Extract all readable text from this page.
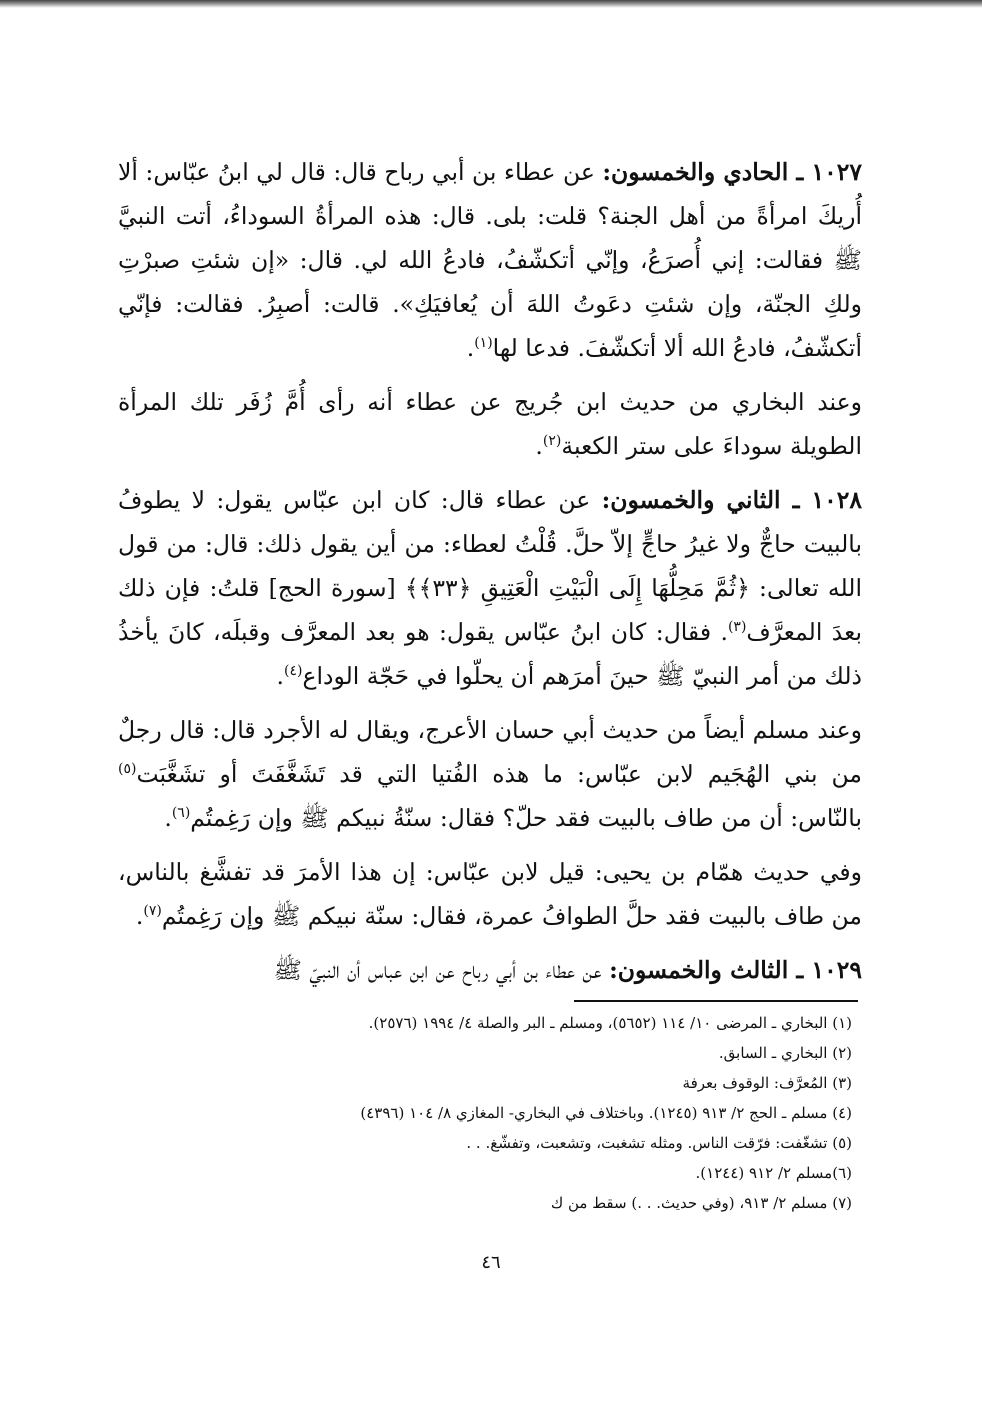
١٠٢٧ ـ الحادي والخمسون: عن عطاء بن أبي رباح قال: قال لي ابنُ عبّاس: ألا أُريكَ امرأةً من أهل الجنة؟ قلت: بلى. قال: هذه المرأةُ السوداءُ، أتت النبيَّ ﷺ فقالت: إني أُصرَعُ، وإنّي أتكشّفُ، فادعُ الله لي. قال: «إن شئتِ صبرْتِ ولكِ الجنّة، وإن شئتِ دعَوتُ اللهَ أن يُعافيَكِ». قالت: أصبِرُ. فقالت: فإنّي أتكشّفُ، فادعُ الله ألا أتكشّفَ. فدعا لها$^{(١)}$.

وعند البخاري من حديث ابن جُريج عن عطاء أنه رأى أُمَّ زُفَر تلك المرأة الطويلة سوداءَ على ستر الكعبة$^{(٢)}$.

١٠٢٨ ـ الثاني والخمسون: عن عطاء قال: كان ابن عبّاس يقول: لا يطوفُ بالبيت حاجٌّ ولا غيرُ حاجٍّ إلاّ حلَّ. قُلْتُ لعطاء: من أين يقول ذلك: قال: من قول الله تعالى: ﴿ثُمَّ مَحِلُّهَا إِلَى الْبَيْتِ الْعَتِيقِ ﴿٣٣﴾﴾ [سورة الحج] قلتُ: فإن ذلك بعدَ المعرَّف$^{(٣)}$. فقال: كان ابنُ عبّاس يقول: هو بعد المعرَّف وقبلَه، كانَ يأخذُ ذلك من أمر النبيّ ﷺ حينَ أمرَهم أن يحلّوا في حَجّة الوداع$^{(٤)}$.

وعند مسلم أيضاً من حديث أبي حسان الأعرج، ويقال له الأجرد قال: قال رجلٌ من بني الهُجَيم لابن عبّاس: ما هذه الفُتيا التي قد تَشَغَّفَتَ أو تشَغَّبَت$^{(٥)}$ بالنّاس: أن من طاف بالبيت فقد حلّ؟ فقال: سنّةُ نبيكم ﷺ وإن رَغِمتُم$^{(٦)}$.

وفي حديث همّام بن يحيى: قيل لابن عبّاس: إن هذا الأمرَ قد تفشَّغ بالناس، من طاف بالبيت فقد حلَّ الطوافُ عمرة، فقال: سنّة نبيكم ﷺ وإن رَغِمتُم$^{(٧)}$.

١٠٢٩ ـ الثالث والخمسون: عن عطاء بن أبي رباح عن ابن عباس أن النبيّ ﷺ

(١) البخاري ـ المرضى ١٠/ ١١٤ (٥٦٥٢)، ومسلم ـ البر والصلة ٤/ ١٩٩٤ (٢٥٧٦).

(٢) البخاري ـ السابق.

(٣) المُعرَّف: الوقوف بعرفة

(٤) مسلم ـ الحج ٢/ ٩١٣ (١٢٤٥). وباختلاف في البخاري- المغازي ٨/ ١٠٤ (٤٣٩٦)

(٥) تشغّفت: فرّقت الناس. ومثله تشغبت، وتشعبت، وتفشّغ. . .

(٦)مسلم ٢/ ٩١٢ (١٢٤٤).

(٧) مسلم ٢/ ٩١٣، (وفي حديث. . .) سقط من ك

٤٦
